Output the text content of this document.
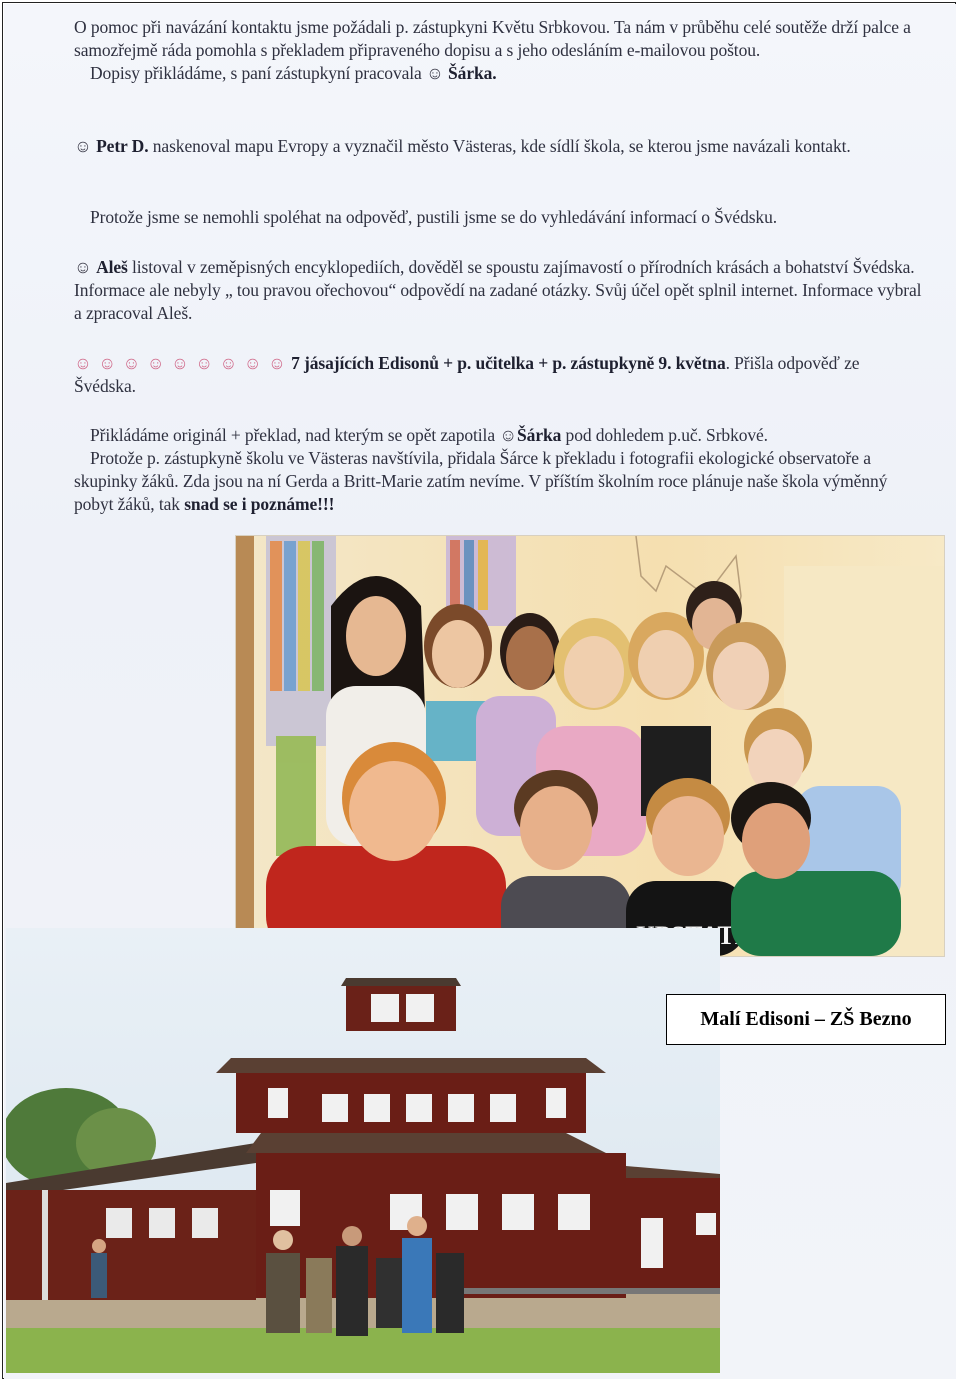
O pomoc při navázání kontaktu jsme požádali p. zástupkyni Květu Srbkovou. Ta nám v průběhu celé soutěže drží palce a samozřejmě ráda pomohla s překladem připraveného dopisu a s jeho odesláním e-mailovou poštou.

Dopisy přikládáme, s paní zástupkyní pracovala ☺ Šárka.

☺ Petr D. naskenoval mapu Evropy a vyznačil město Västeras, kde sídlí škola, se kterou jsme navázali kontakt.

Protože jsme se nemohli spoléhat na odpověď, pustili jsme se do vyhledávání informací o Švédsku.

☺ Aleš listoval v zeměpisných encyklopediích, dověděl se spoustu zajímavostí o přírodních krásách a bohatství Švédska. Informace ale nebyly „ tou pravou ořechovou“ odpovědí na zadané otázky. Svůj účel opět splnil internet. Informace vybral a zpracoval Aleš.

☺ ☺ ☺ ☺ ☺ ☺ ☺ ☺ ☺ 7 jásajících Edisonů + p. učitelka + p. zástupkyně 9. května. Přišla odpověď ze Švédska.

Přikládáme originál + překlad, nad kterým se opět zapotila ☺Šárka pod dohledem p.uč. Srbkové.

Protože p. zástupkyně školu ve Västeras navštívila, přidala Šárce k překladu i fotografii ekologické observatoře a skupinky žáků. Zda jsou na ní Gerda a Britt-Marie zatím nevíme. V příštím školním roce plánuje naše škola výměnný pobyt žáků, tak snad se i poznáme!!!

Malí Edisoni – ZŠ Bezno
